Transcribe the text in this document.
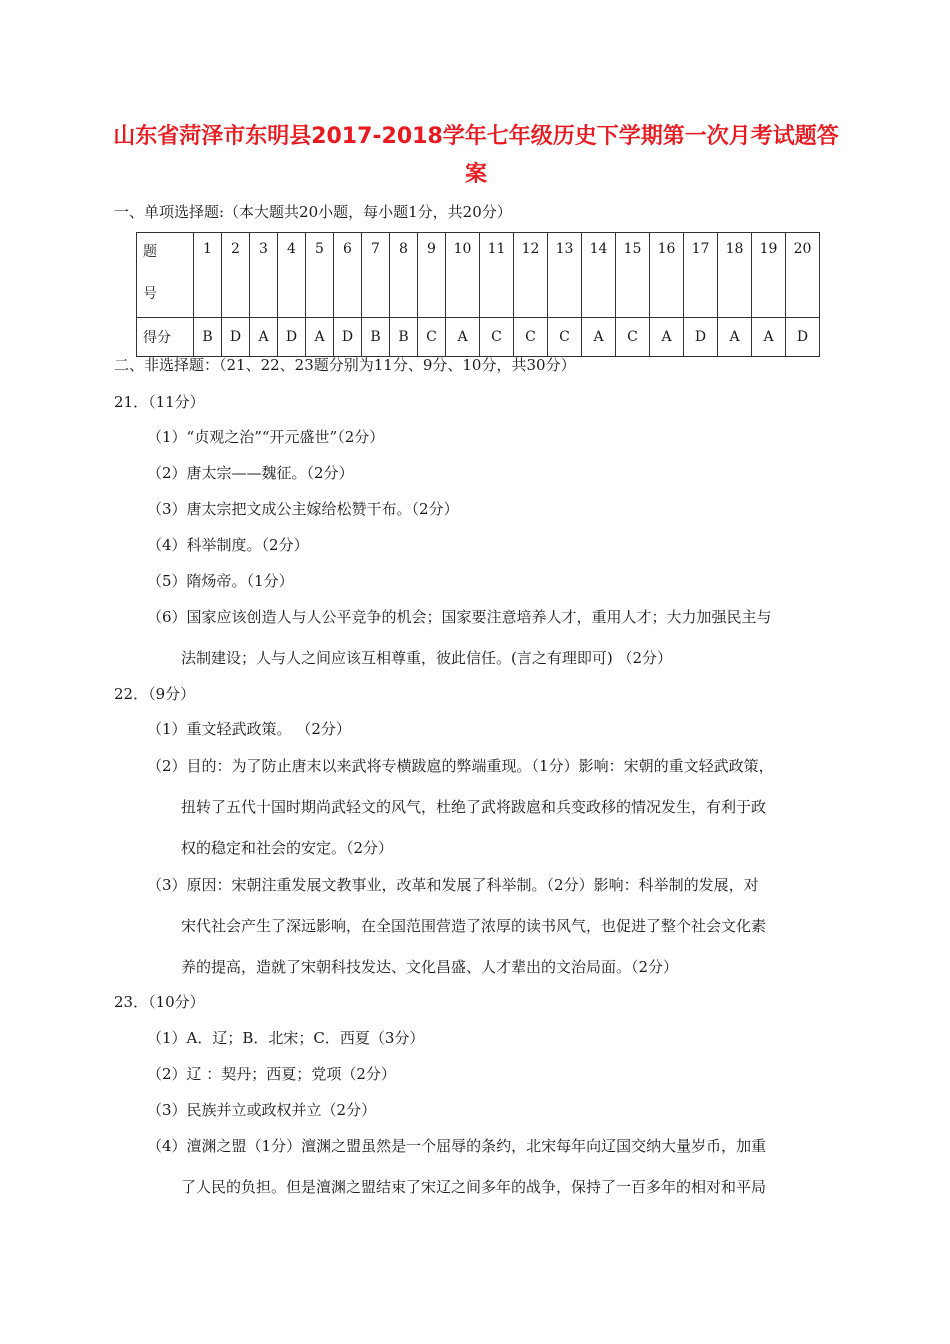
山东省菏泽市东明县2017-2018学年七年级历史下学期第一次月考试题答
案
一、单项选择题:（本大题共20小题，每小题1分，共20分）
题
号	1	2	3	4	5	6	7	8	9	10	11	12	13	14	15	16	17	18	19	20
得分	B	D	A	D	A	D	B	B	C	A	C	C	C	A	C	A	D	A	A	D
二、非选择题：（21、22、23题分别为11分、9分、10分，共30分）
21．（11分）
（1）“贞观之治”“开元盛世”（2分）
（2）唐太宗——魏征。（2分）
（3）唐太宗把文成公主嫁给松赞干布。（2分）
（4）科举制度。（2分）
（5）隋炀帝。（1分）
（6）国家应该创造人与人公平竞争的机会；国家要注意培养人才，重用人才；大力加强民主与
法制建设；人与人之间应该互相尊重，彼此信任。(言之有理即可) （2分）
22．（9分）
（1）重文轻武政策。 （2分）
（2）目的：为了防止唐末以来武将专横跋扈的弊端重现。（1分）影响：宋朝的重文轻武政策，
扭转了五代十国时期尚武轻文的风气，杜绝了武将跋扈和兵变政移的情况发生，有利于政
权的稳定和社会的安定。（2分）
（3）原因：宋朝注重发展文教事业，改革和发展了科举制。（2分）影响：科举制的发展，对
宋代社会产生了深远影响，在全国范围营造了浓厚的读书风气，也促进了整个社会文化素
养的提高，造就了宋朝科技发达、文化昌盛、人才辈出的文治局面。（2分）
23．（10分）
（1）A．辽；B．北宋；C．西夏（3分）
（2）辽 ：契丹；西夏；党项（2分）
（3）民族并立或政权并立（2分）
（4）澶渊之盟（1分）澶渊之盟虽然是一个屈辱的条约，北宋每年向辽国交纳大量岁币，加重
了人民的负担。但是澶渊之盟结束了宋辽之间多年的战争，保持了一百多年的相对和平局
